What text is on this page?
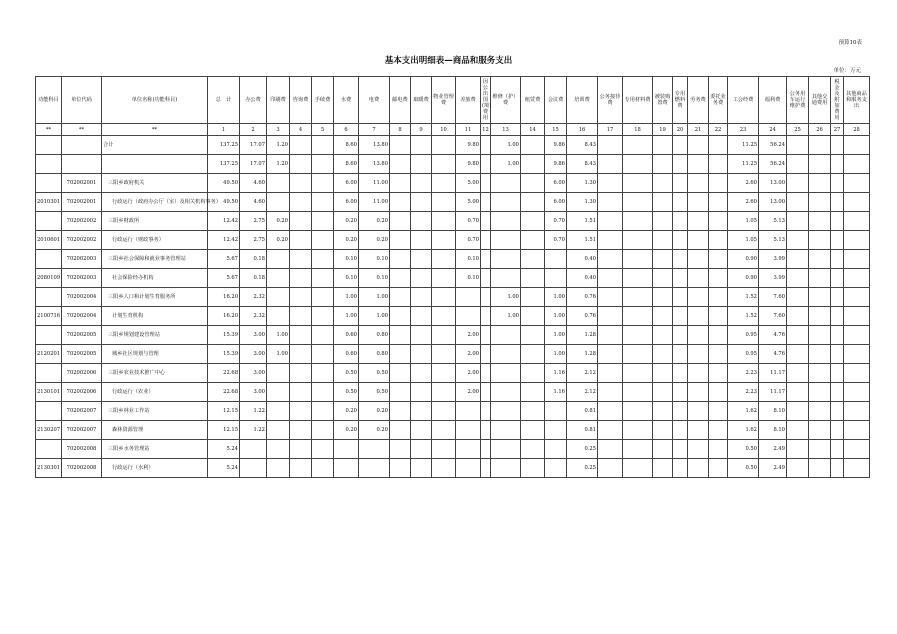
预算10表
基本支出明细表—商品和服务支出
单位：万元
功能科目	单位代码	单位名称(功能科目)	总　计	办公费	印刷费	咨询费	手续费	水费	电费	邮电费	取暖费	物业管理费	差旅费	因公出国(境)费用	维修（护）费	租赁费	会议费	培训费	公务接待费	专用材料费	被装购置费	专用燃料费	劳务费	委托业务费	工会经费	福利费	公务用车运行维护费	其他交通费用	税金及附加费用	其他商品和服务支出
**	**	**	1	2	3	4	5	6	7	8	9	10	11	12	13	14	15	16	17	18	19	20	21	22	23	24	25	26	27	28
		合计	137.25	17.07	1.20			8.60	13.80				9.80		1.00		9.86	8.43							11.25	56.24				
			137.25	17.07	1.20			8.60	13.80				9.80		1.00		9.86	8.43							11.25	56.24				
	702002001	三阳乡政府机关	49.50	4.60				6.00	11.00				5.00				6.00	1.30							2.60	13.00				
2010301	702002001	行政运行（政府办公厅（室）及相关机构事务）	49.50	4.60				6.00	11.00				5.00				6.00	1.30							2.60	13.00				
	702002002	三阳乡财政所	12.42	2.75	0.20			0.20	0.20				0.70				0.70	1.51							1.05	5.13				
2010601	702002002	行政运行（财政事务）	12.42	2.75	0.20			0.20	0.20				0.70				0.70	1.51							1.05	5.13				
	702002003	三阳乡社会保障和就业事务管理站	5.67	0.18				0.10	0.10				0.10					0.40							0.90	3.99				
2080109	702002003	社会保险经办机构	5.67	0.18				0.10	0.10				0.10					0.40							0.90	3.99				
	702002004	三阳乡人口和计划生育服务所	16.20	2.32				1.00	1.00						1.00		1.00	0.76							1.52	7.60				
2100716	702002004	计划生育机构	16.20	2.32				1.00	1.00						1.00		1.00	0.76							1.52	7.60				
	702002005	三阳乡规划建设管理站	15.39	3.00	1.00			0.60	0.80				2.00				1.00	1.28							0.95	4.76				
2120201	702002005	城乡社区规划与管理	15.39	3.00	1.00			0.60	0.80				2.00				1.00	1.28							0.95	4.76				
	702002006	三阳乡农业技术推广中心	22.68	3.00				0.50	0.50				2.00				1.16	2.12							2.23	11.17				
2130101	702002006	行政运行（农业）	22.68	3.00				0.50	0.50				2.00				1.16	2.12							2.23	11.17				
	702002007	三阳乡林业工作站	12.15	1.22				0.20	0.20									0.81							1.62	8.10				
2130207	702002007	森林资源管理	12.15	1.22				0.20	0.20									0.81							1.62	8.10				
	702002008	三阳乡水务管理站	5.24															0.25							0.50	2.49				
2130301	702002008	行政运行（水利）	5.24															0.25							0.50	2.49				
